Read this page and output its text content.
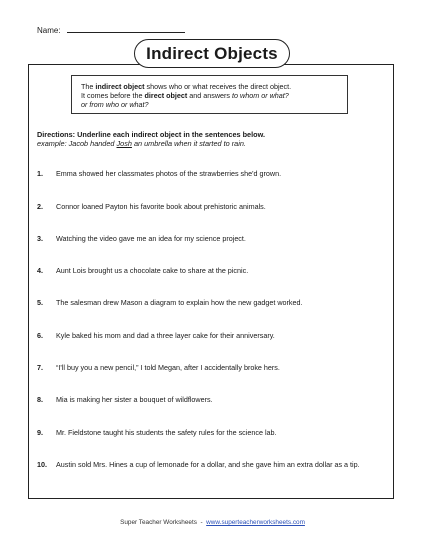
Name:
Indirect Objects
The indirect object shows who or what receives the direct object.
It comes before the direct object and answers to whom or what?
or from who or what?
Directions: Underline each indirect object in the sentences below.
example: Jacob handed Josh an umbrella when it started to rain.
1. Emma showed her classmates photos of the strawberries she'd grown.
2. Connor loaned Payton his favorite book about prehistoric animals.
3. Watching the video gave me an idea for my science project.
4. Aunt Lois brought us a chocolate cake to share at the picnic.
5. The salesman drew Mason a diagram to explain how the new gadget worked.
6. Kyle baked his mom and dad a three layer cake for their anniversary.
7. “I'll buy you a new pencil,” I told Megan, after I accidentally broke hers.
8. Mia is making her sister a bouquet of wildflowers.
9. Mr. Fieldstone taught his students the safety rules for the science lab.
10. Austin sold Mrs. Hines a cup of lemonade for a dollar, and she gave him an extra dollar as a tip.
Super Teacher Worksheets  -  www.superteacherworksheets.com
